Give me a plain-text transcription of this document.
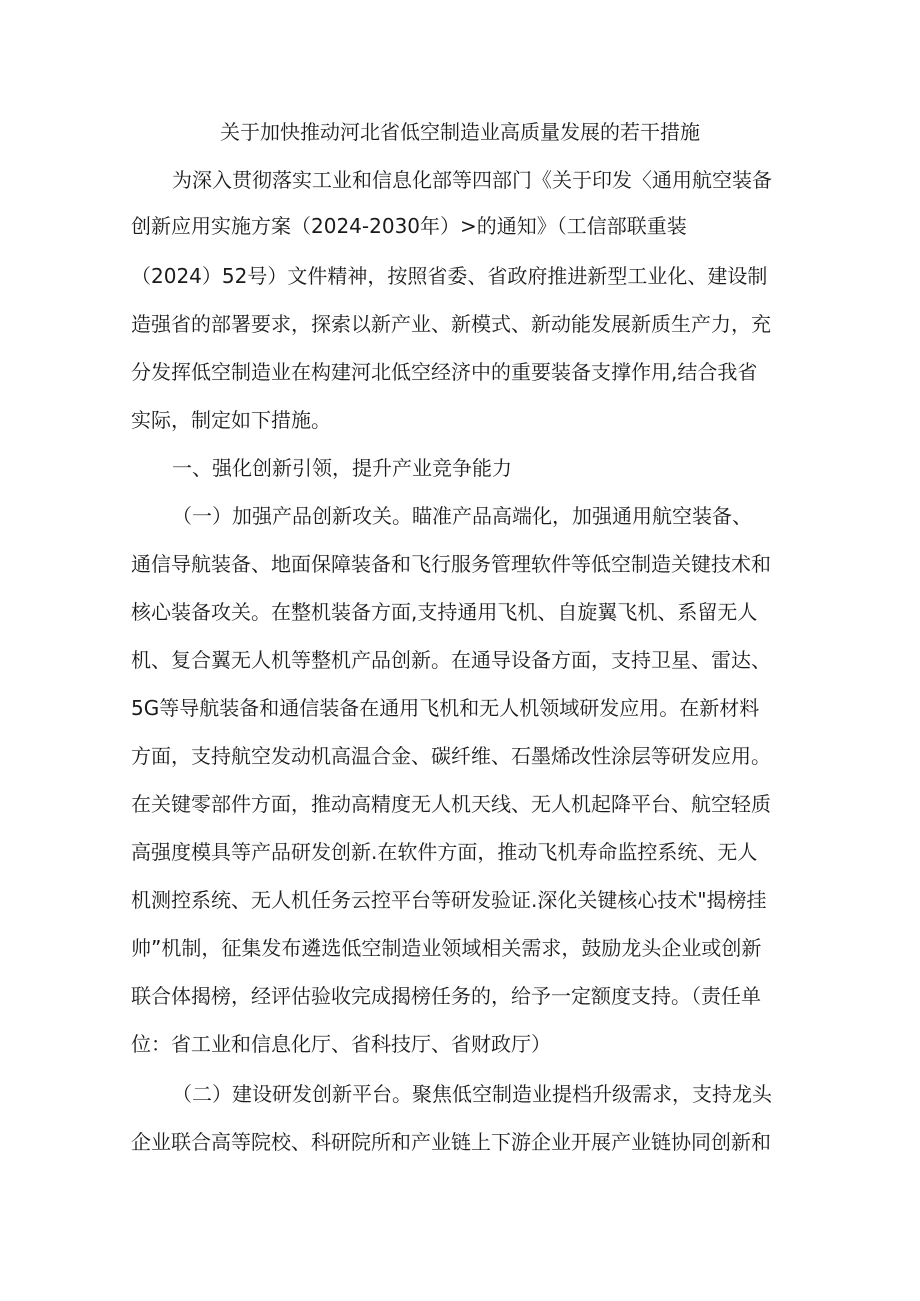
关于加快推动河北省低空制造业高质量发展的若干措施
为深入贯彻落实工业和信息化部等四部门《关于印发〈通用航空装备
创新应用实施方案（2024-2030年）>的通知》（工信部联重装
（2024）52号）文件精神，按照省委、省政府推进新型工业化、建设制
造强省的部署要求，探索以新产业、新模式、新动能发展新质生产力，充
分发挥低空制造业在构建河北低空经济中的重要装备支撑作用,结合我省
实际，制定如下措施。
一、强化创新引领，提升产业竞争能力
（一）加强产品创新攻关。瞄准产品高端化，加强通用航空装备、
通信导航装备、地面保障装备和飞行服务管理软件等低空制造关键技术和
核心装备攻关。在整机装备方面,支持通用飞机、自旋翼飞机、系留无人
机、复合翼无人机等整机产品创新。在通导设备方面，支持卫星、雷达、
5G等导航装备和通信装备在通用飞机和无人机领域研发应用。在新材料
方面，支持航空发动机高温合金、碳纤维、石墨烯改性涂层等研发应用。
在关键零部件方面，推动高精度无人机天线、无人机起降平台、航空轻质
高强度模具等产品研发创新.在软件方面，推动飞机寿命监控系统、无人
机测控系统、无人机任务云控平台等研发验证.深化关键核心技术"揭榜挂
帅”机制，征集发布遴选低空制造业领域相关需求，鼓励龙头企业或创新
联合体揭榜，经评估验收完成揭榜任务的，给予一定额度支持。（责任单
位：省工业和信息化厅、省科技厅、省财政厅）
（二）建设研发创新平台。聚焦低空制造业提档升级需求，支持龙头
企业联合高等院校、科研院所和产业链上下游企业开展产业链协同创新和
